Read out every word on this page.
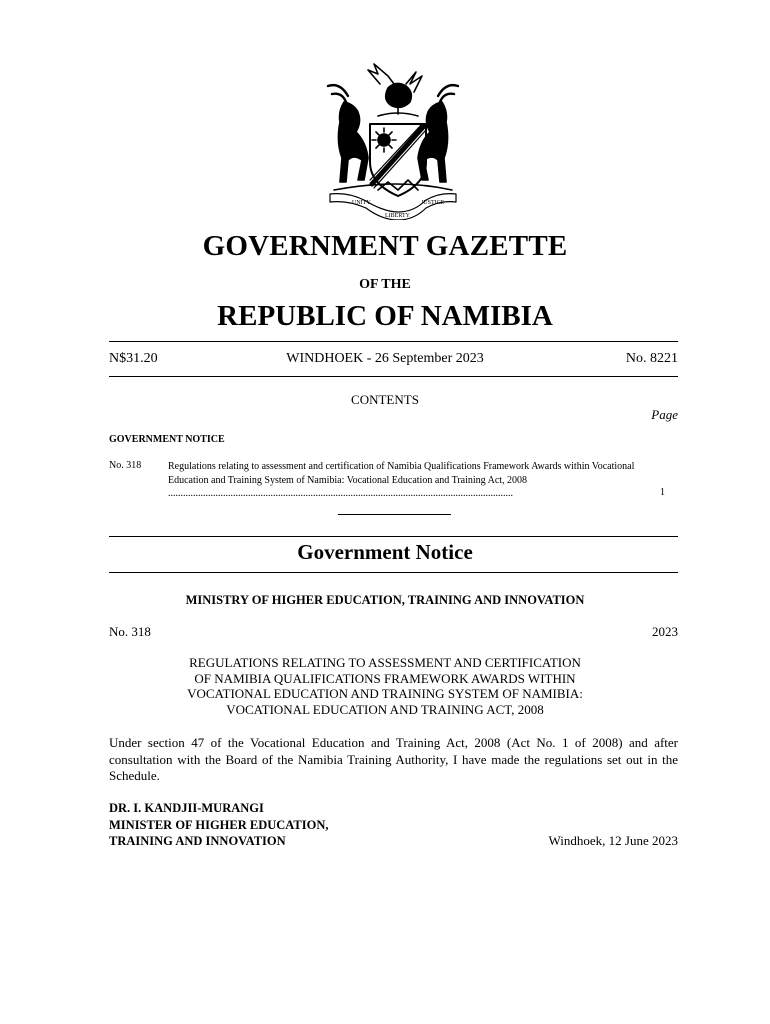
UNITY
LIBERTY
JUSTICE
GOVERNMENT GAZETTE
OF THE
REPUBLIC OF NAMIBIA
N$31.20	WINDHOEK - 26 September 2023	No. 8221
CONTENTS
Page
GOVERNMENT NOTICE
No. 318	Regulations relating to assessment and certification of Namibia Qualifications Framework Awards within Vocational Education and Training System of Namibia: Vocational Education and Training Act, 2008 ..........................................................................................................................................	1
Government Notice
MINISTRY OF HIGHER EDUCATION, TRAINING AND INNOVATION
No. 318	2023
REGULATIONS RELATING TO ASSESSMENT AND CERTIFICATION
OF NAMIBIA QUALIFICATIONS FRAMEWORK AWARDS WITHIN
VOCATIONAL EDUCATION AND TRAINING SYSTEM OF NAMIBIA:
VOCATIONAL EDUCATION AND TRAINING ACT, 2008
Under section 47 of the Vocational Education and Training Act, 2008 (Act No. 1 of 2008) and after consultation with the Board of the Namibia Training Authority, I have made the regulations set out in the Schedule.
DR. I. KANDJII-MURANGI
MINISTER OF HIGHER EDUCATION,
TRAINING AND INNOVATION	Windhoek, 12 June 2023
